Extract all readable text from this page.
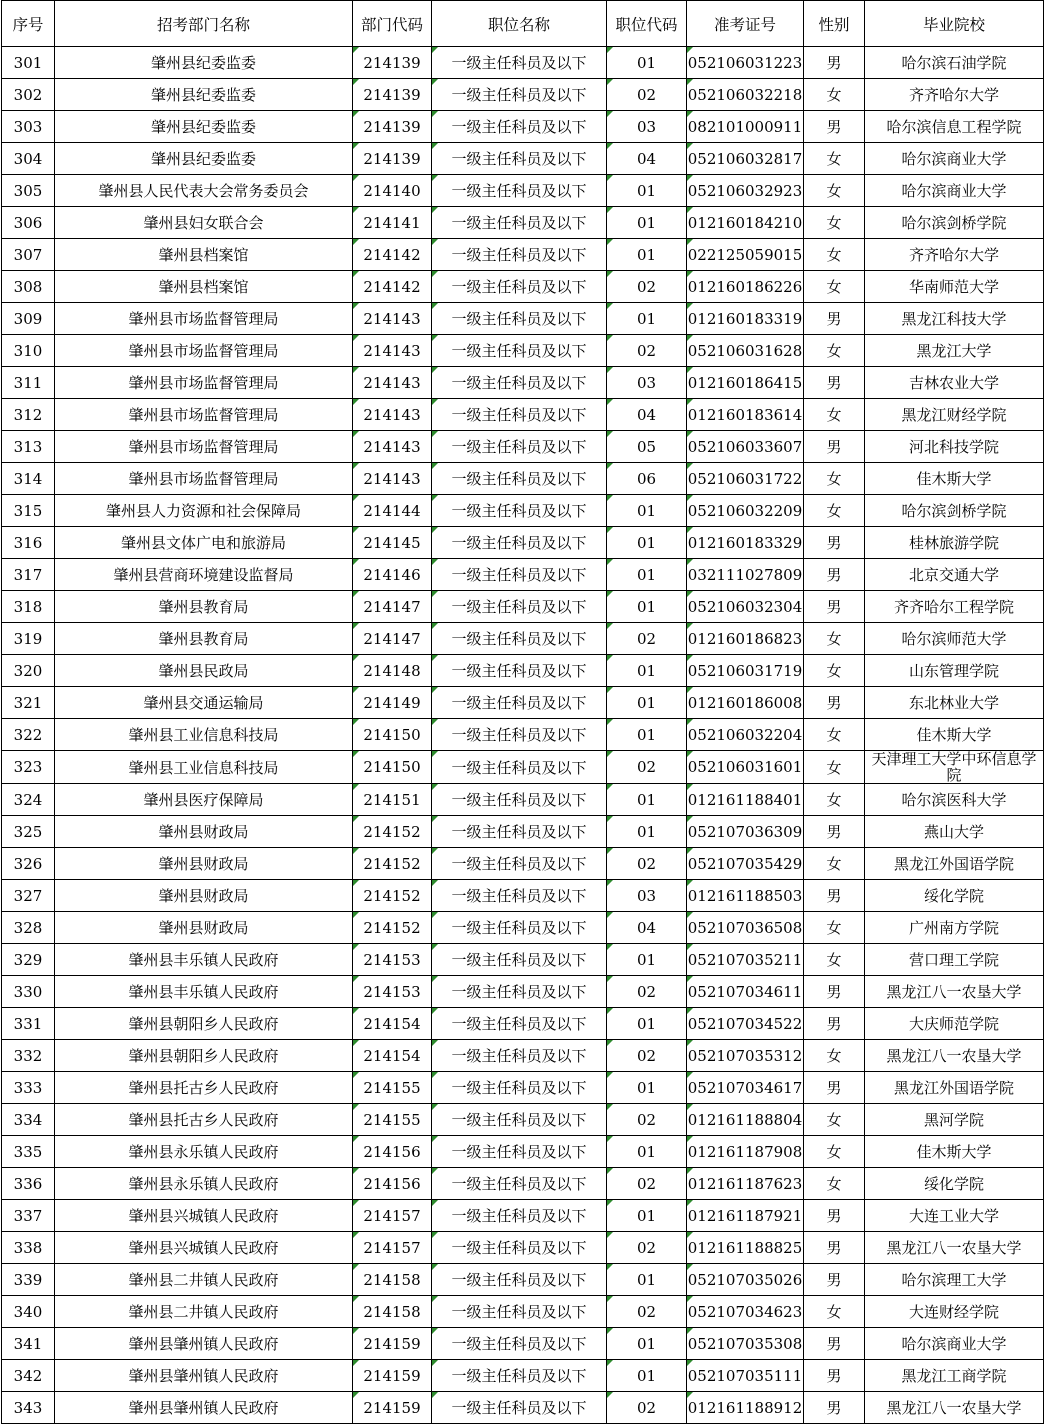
序号	招考部门名称	部门代码	职位名称	职位代码	准考证号	性别	毕业院校
301	肇州县纪委监委	214139	一级主任科员及以下	01	052106031223	男	哈尔滨石油学院
302	肇州县纪委监委	214139	一级主任科员及以下	02	052106032218	女	齐齐哈尔大学
303	肇州县纪委监委	214139	一级主任科员及以下	03	082101000911	男	哈尔滨信息工程学院
304	肇州县纪委监委	214139	一级主任科员及以下	04	052106032817	女	哈尔滨商业大学
305	肇州县人民代表大会常务委员会	214140	一级主任科员及以下	01	052106032923	女	哈尔滨商业大学
306	肇州县妇女联合会	214141	一级主任科员及以下	01	012160184210	女	哈尔滨剑桥学院
307	肇州县档案馆	214142	一级主任科员及以下	01	022125059015	女	齐齐哈尔大学
308	肇州县档案馆	214142	一级主任科员及以下	02	012160186226	女	华南师范大学
309	肇州县市场监督管理局	214143	一级主任科员及以下	01	012160183319	男	黑龙江科技大学
310	肇州县市场监督管理局	214143	一级主任科员及以下	02	052106031628	女	黑龙江大学
311	肇州县市场监督管理局	214143	一级主任科员及以下	03	012160186415	男	吉林农业大学
312	肇州县市场监督管理局	214143	一级主任科员及以下	04	012160183614	女	黑龙江财经学院
313	肇州县市场监督管理局	214143	一级主任科员及以下	05	052106033607	男	河北科技学院
314	肇州县市场监督管理局	214143	一级主任科员及以下	06	052106031722	女	佳木斯大学
315	肇州县人力资源和社会保障局	214144	一级主任科员及以下	01	052106032209	女	哈尔滨剑桥学院
316	肇州县文体广电和旅游局	214145	一级主任科员及以下	01	012160183329	男	桂林旅游学院
317	肇州县营商环境建设监督局	214146	一级主任科员及以下	01	032111027809	男	北京交通大学
318	肇州县教育局	214147	一级主任科员及以下	01	052106032304	男	齐齐哈尔工程学院
319	肇州县教育局	214147	一级主任科员及以下	02	012160186823	女	哈尔滨师范大学
320	肇州县民政局	214148	一级主任科员及以下	01	052106031719	女	山东管理学院
321	肇州县交通运输局	214149	一级主任科员及以下	01	012160186008	男	东北林业大学
322	肇州县工业信息科技局	214150	一级主任科员及以下	01	052106032204	女	佳木斯大学
323	肇州县工业信息科技局	214150	一级主任科员及以下	02	052106031601	女	天津理工大学中环信息学院
324	肇州县医疗保障局	214151	一级主任科员及以下	01	012161188401	女	哈尔滨医科大学
325	肇州县财政局	214152	一级主任科员及以下	01	052107036309	男	燕山大学
326	肇州县财政局	214152	一级主任科员及以下	02	052107035429	女	黑龙江外国语学院
327	肇州县财政局	214152	一级主任科员及以下	03	012161188503	男	绥化学院
328	肇州县财政局	214152	一级主任科员及以下	04	052107036508	女	广州南方学院
329	肇州县丰乐镇人民政府	214153	一级主任科员及以下	01	052107035211	女	营口理工学院
330	肇州县丰乐镇人民政府	214153	一级主任科员及以下	02	052107034611	男	黑龙江八一农垦大学
331	肇州县朝阳乡人民政府	214154	一级主任科员及以下	01	052107034522	男	大庆师范学院
332	肇州县朝阳乡人民政府	214154	一级主任科员及以下	02	052107035312	女	黑龙江八一农垦大学
333	肇州县托古乡人民政府	214155	一级主任科员及以下	01	052107034617	男	黑龙江外国语学院
334	肇州县托古乡人民政府	214155	一级主任科员及以下	02	012161188804	女	黑河学院
335	肇州县永乐镇人民政府	214156	一级主任科员及以下	01	012161187908	女	佳木斯大学
336	肇州县永乐镇人民政府	214156	一级主任科员及以下	02	012161187623	女	绥化学院
337	肇州县兴城镇人民政府	214157	一级主任科员及以下	01	012161187921	男	大连工业大学
338	肇州县兴城镇人民政府	214157	一级主任科员及以下	02	012161188825	男	黑龙江八一农垦大学
339	肇州县二井镇人民政府	214158	一级主任科员及以下	01	052107035026	男	哈尔滨理工大学
340	肇州县二井镇人民政府	214158	一级主任科员及以下	02	052107034623	女	大连财经学院
341	肇州县肇州镇人民政府	214159	一级主任科员及以下	01	052107035308	男	哈尔滨商业大学
342	肇州县肇州镇人民政府	214159	一级主任科员及以下	01	052107035111	男	黑龙江工商学院
343	肇州县肇州镇人民政府	214159	一级主任科员及以下	02	012161188912	男	黑龙江八一农垦大学
